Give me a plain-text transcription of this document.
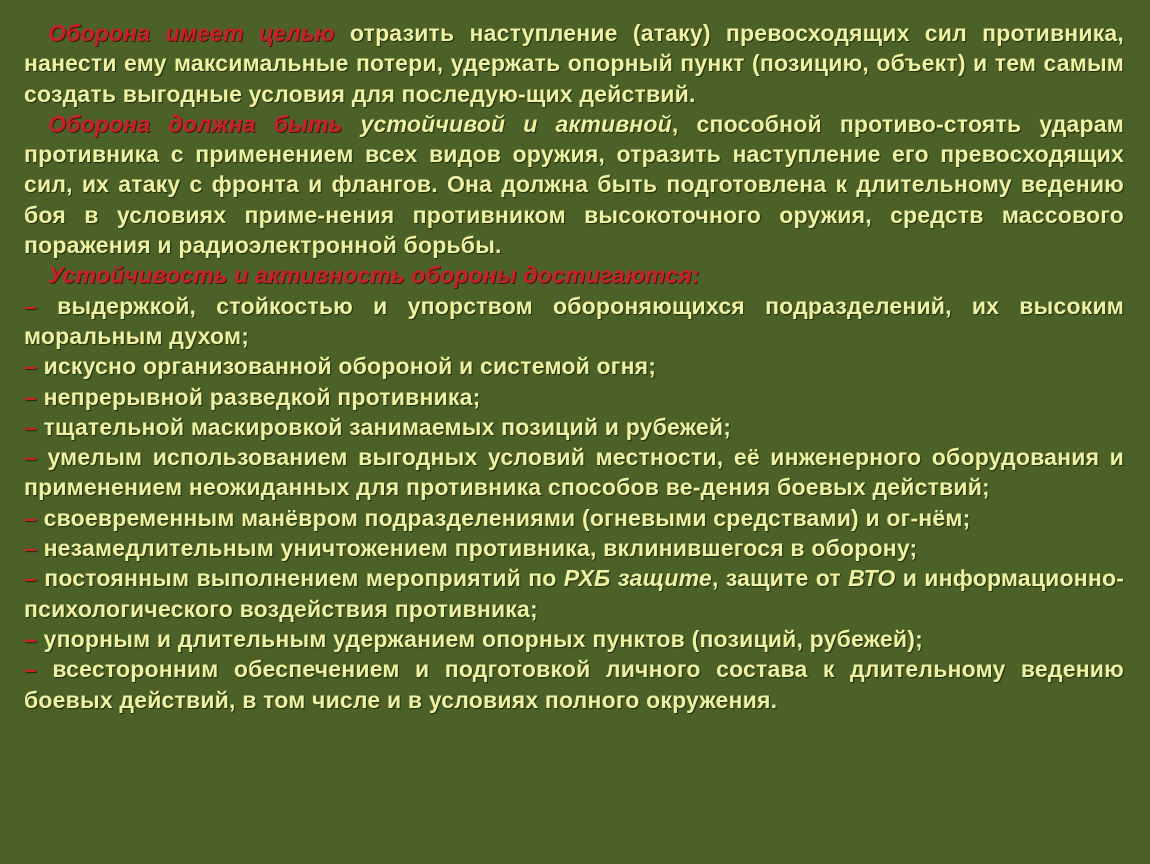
Оборона имеет целью отразить наступление (атаку) превосходящих сил противника, нанести ему максимальные потери, удержать опорный пункт (позицию, объект) и тем самым создать выгодные условия для последую-щих действий.

Оборона должна быть устойчивой и активной, способной противо-стоять ударам противника с применением всех видов оружия, отразить наступление его превосходящих сил, их атаку с фронта и флангов. Она должна быть подготовлена к длительному ведению боя в условиях приме-нения противником высокоточного оружия, средств массового поражения и радиоэлектронной борьбы.

Устойчивость и активность обороны достигаются:

– выдержкой, стойкостью и упорством обороняющихся подразделений, их высоким моральным духом;

– искусно организованной обороной и системой огня;

– непрерывной разведкой противника;

– тщательной маскировкой занимаемых позиций и рубежей;

– умелым использованием выгодных условий местности, её инженерного оборудования и применением неожиданных для противника способов ве-дения боевых действий;

– своевременным манёвром подразделениями (огневыми средствами) и ог-нём;

– незамедлительным уничтожением противника, вклинившегося в оборону;

– постоянным выполнением мероприятий по РХБ защите, защите от ВТО и информационно-психологического воздействия противника;

– упорным и длительным удержанием опорных пунктов (позиций, рубежей);

– всесторонним обеспечением и подготовкой личного состава к длительному ведению боевых действий, в том числе и в условиях полного окружения.
